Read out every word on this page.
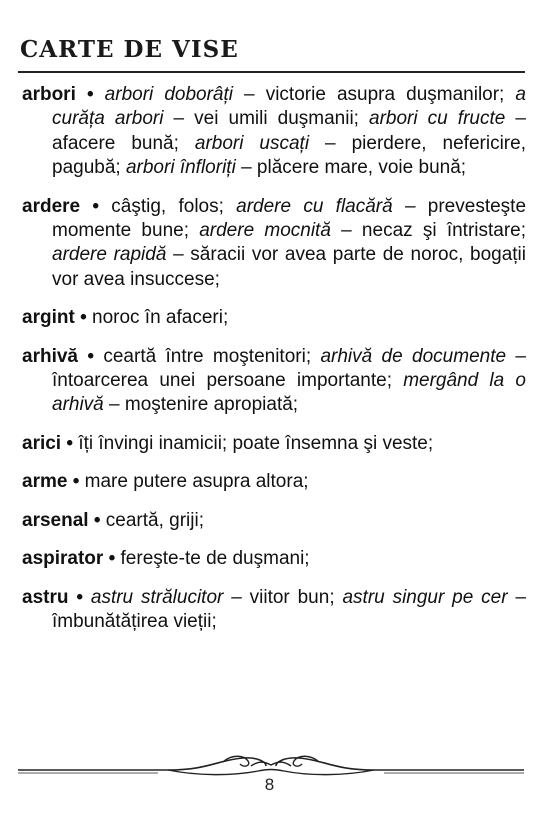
CARTE DE VISE

arbori • arbori doborâți – victorie asupra duşmanilor; a curăța arbori – vei umili duşmanii; arbori cu fructe – afacere bună; arbori uscați – pierdere, nefericire, pagubă; arbori înfloriți – plăcere mare, voie bună;

ardere • câştig, folos; ardere cu flacără – prevesteşte momente bune; ardere mocnită – necaz şi întristare; ardere rapidă – săracii vor avea parte de noroc, bogații vor avea insuccese;

argint • noroc în afaceri;

arhivă • ceartă între moştenitori; arhivă de documente – întoarcerea unei persoane importante; mergând la o arhivă – moştenire apropiată;

arici • îți învingi inamicii; poate însemna şi veste;

arme • mare putere asupra altora;

arsenal • ceartă, griji;

aspirator • fereşte-te de duşmani;

astru • astru strălucitor – viitor bun; astru singur pe cer – îmbunătățirea vieții;

8
